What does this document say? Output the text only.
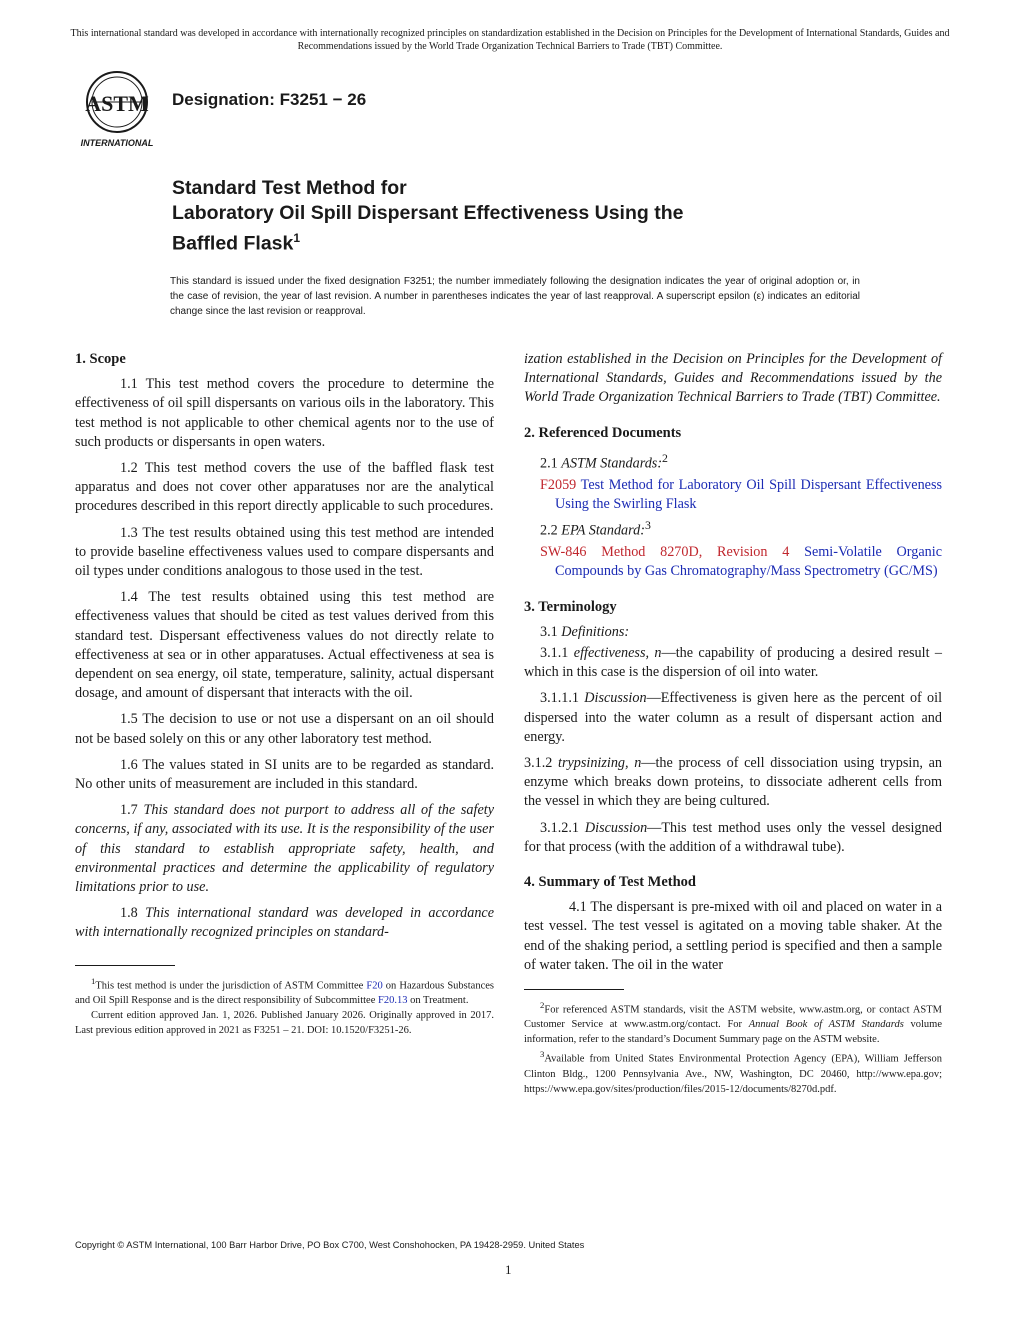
This international standard was developed in accordance with internationally recognized principles on standardization established in the Decision on Principles for the Development of International Standards, Guides and Recommendations issued by the World Trade Organization Technical Barriers to Trade (TBT) Committee.
ASTM
INTERNATIONAL
Designation: F3251 − 26
Standard Test Method for
Laboratory Oil Spill Dispersant Effectiveness Using the
Baffled Flask$^1$
This standard is issued under the fixed designation F3251; the number immediately following the designation indicates the year of original adoption or, in the case of revision, the year of last revision. A number in parentheses indicates the year of last reapproval. A superscript epsilon (ε) indicates an editorial change since the last revision or reapproval.
1. Scope

1.1 This test method covers the procedure to determine the effectiveness of oil spill dispersants on various oils in the laboratory. This test method is not applicable to other chemical agents nor to the use of such products or dispersants in open waters.

1.2 This test method covers the use of the baffled flask test apparatus and does not cover other apparatuses nor are the analytical procedures described in this report directly applicable to such procedures.

1.3 The test results obtained using this test method are intended to provide baseline effectiveness values used to compare dispersants and oil types under conditions analogous to those used in the test.

1.4 The test results obtained using this test method are effectiveness values that should be cited as test values derived from this standard test. Dispersant effectiveness values do not directly relate to effectiveness at sea or in other apparatuses. Actual effectiveness at sea is dependent on sea energy, oil state, temperature, salinity, actual dispersant dosage, and amount of dispersant that interacts with the oil.

1.5 The decision to use or not use a dispersant on an oil should not be based solely on this or any other laboratory test method.

1.6 The values stated in SI units are to be regarded as standard. No other units of measurement are included in this standard.

1.7 This standard does not purport to address all of the safety concerns, if any, associated with its use. It is the responsibility of the user of this standard to establish appropriate safety, health, and environmental practices and determine the applicability of regulatory limitations prior to use.

1.8 This international standard was developed in accordance with internationally recognized principles on standard-

$^1$This test method is under the jurisdiction of ASTM Committee F20 on Hazardous Substances and Oil Spill Response and is the direct responsibility of Subcommittee F20.13 on Treatment.

Current edition approved Jan. 1, 2026. Published January 2026. Originally approved in 2017. Last previous edition approved in 2021 as F3251 – 21. DOI: 10.1520/F3251-26.

ization established in the Decision on Principles for the Development of International Standards, Guides and Recommendations issued by the World Trade Organization Technical Barriers to Trade (TBT) Committee.

2. Referenced Documents
2.1 ASTM Standards:$^2$
F2059 Test Method for Laboratory Oil Spill Dispersant Effectiveness Using the Swirling Flask
2.2 EPA Standard:$^3$
SW-846 Method 8270D, Revision 4 Semi-Volatile Organic Compounds by Gas Chromatography/Mass Spectrometry (GC/MS)
3. Terminology
3.1 Definitions:

3.1.1 effectiveness, n—the capability of producing a desired result – which in this case is the dispersion of oil into water.

3.1.1.1 Discussion—Effectiveness is given here as the percent of oil dispersed into the water column as a result of dispersant action and energy.

3.1.2 trypsinizing, n—the process of cell dissociation using trypsin, an enzyme which breaks down proteins, to dissociate adherent cells from the vessel in which they are being cultured.

3.1.2.1 Discussion—This test method uses only the vessel designed for that process (with the addition of a withdrawal tube).

4. Summary of Test Method

4.1 The dispersant is pre-mixed with oil and placed on water in a test vessel. The test vessel is agitated on a moving table shaker. At the end of the shaking period, a settling period is specified and then a sample of water taken. The oil in the water

$^2$For referenced ASTM standards, visit the ASTM website, www.astm.org, or contact ASTM Customer Service at www.astm.org/contact. For Annual Book of ASTM Standards volume information, refer to the standard’s Document Summary page on the ASTM website.

$^3$Available from United States Environmental Protection Agency (EPA), William Jefferson Clinton Bldg., 1200 Pennsylvania Ave., NW, Washington, DC 20460, http://www.epa.gov; https://www.epa.gov/sites/production/files/2015-12/documents/8270d.pdf.

Copyright © ASTM International, 100 Barr Harbor Drive, PO Box C700, West Conshohocken, PA 19428-2959. United States
1
